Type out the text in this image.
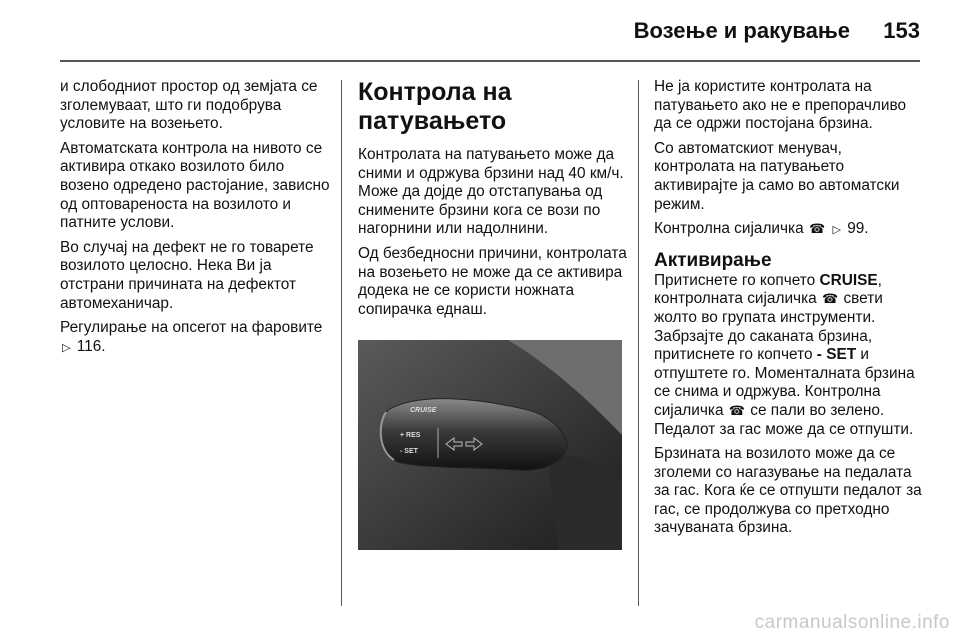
Возење и ракување	153

и слободниот простор од земјата се зголемуваат, што ги подобрува условите на возењето.

Автоматската контрола на нивото се активира откако возилото било возено одредено растојание, зависно од оптовареноста на возилото и патните услови.

Во случај на дефект не го товарете возилото целосно. Нека Ви ја отстрани причината на дефектот автомеханичар.

Регулирање на опсегот на фаровите ▷ 116.

Контрола на патувањето

Контролата на патувањето може да сними и одржува брзини над 40 км/ч. Може да дојде до отстапувања од снимените брзини кога се вози по нагорнини или надолнини.

Од безбедносни причини, контролата на возењето не може да се активира додека не се користи ножната сопирачка еднаш.

CRUISE
+ RES
- SET

Не ја користите контролата на патувањето ако не е препорачливо да се одржи постојана брзина.

Со автоматскиот менувач, контролата на патувањето активирајте ја само во автоматски режим.

Контролна сијаличка ☎ ▷ 99.

Активирање

Притиснете го копчето CRUISE, контролната сијаличка ☎ свети жолто во групата инструменти. Забрзајте до саканата брзина, притиснете го копчето - SET и отпуштете го. Моменталната брзина се снима и одржува. Контролна сијаличка ☎ се пали во зелено. Педалот за гас може да се отпушти.

Брзината на возилото може да се зголеми со нагазување на педалата за гас. Кога ќе се отпушти педалот за гас, се продолжува со претходно зачуваната брзина.

carmanualsonline.info
